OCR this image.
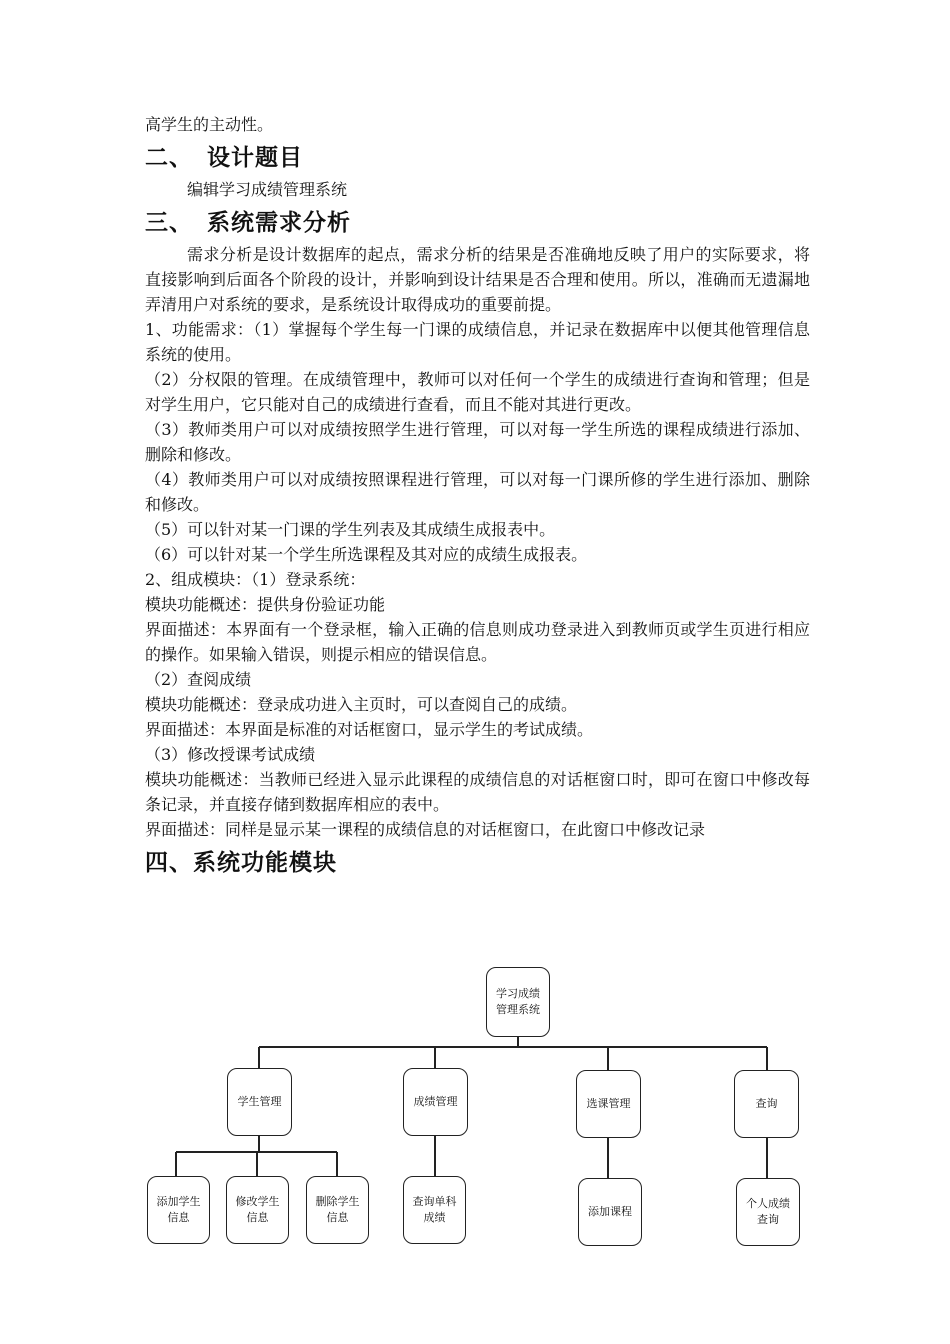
高学生的主动性。

二、 设计题目
编辑学习成绩管理系统
三、 系统需求分析

需求分析是设计数据库的起点，需求分析的结果是否准确地反映了用户的实际要求，将直接影响到后面各个阶段的设计，并影响到设计结果是否合理和使用。所以，准确而无遗漏地弄清用户对系统的要求，是系统设计取得成功的重要前提。

1、功能需求：（1）掌握每个学生每一门课的成绩信息，并记录在数据库中以便其他管理信息系统的使用。

（2）分权限的管理。在成绩管理中，教师可以对任何一个学生的成绩进行查询和管理；但是对学生用户，它只能对自己的成绩进行查看，而且不能对其进行更改。

（3）教师类用户可以对成绩按照学生进行管理，可以对每一学生所选的课程成绩进行添加、删除和修改。

（4）教师类用户可以对成绩按照课程进行管理，可以对每一门课所修的学生进行添加、删除和修改。

（5）可以针对某一门课的学生列表及其成绩生成报表中。

（6）可以针对某一个学生所选课程及其对应的成绩生成报表。

2、组成模块：（1）登录系统：

模块功能概述：提供身份验证功能

界面描述：本界面有一个登录框，输入正确的信息则成功登录进入到教师页或学生页进行相应的操作。如果输入错误，则提示相应的错误信息。

（2）查阅成绩

模块功能概述：登录成功进入主页时，可以查阅自己的成绩。

界面描述：本界面是标准的对话框窗口，显示学生的考试成绩。

（3）修改授课考试成绩

模块功能概述：当教师已经进入显示此课程的成绩信息的对话框窗口时，即可在窗口中修改每条记录，并直接存储到数据库相应的表中。

界面描述：同样是显示某一课程的成绩信息的对话框窗口，在此窗口中修改记录

四、系统功能模块
学习成绩管理系统
学生管理	成绩管理	选课管理	查询
添加学生信息
修改学生信息
删除学生信息
查询单科成绩	添加课程
个人成绩查询
